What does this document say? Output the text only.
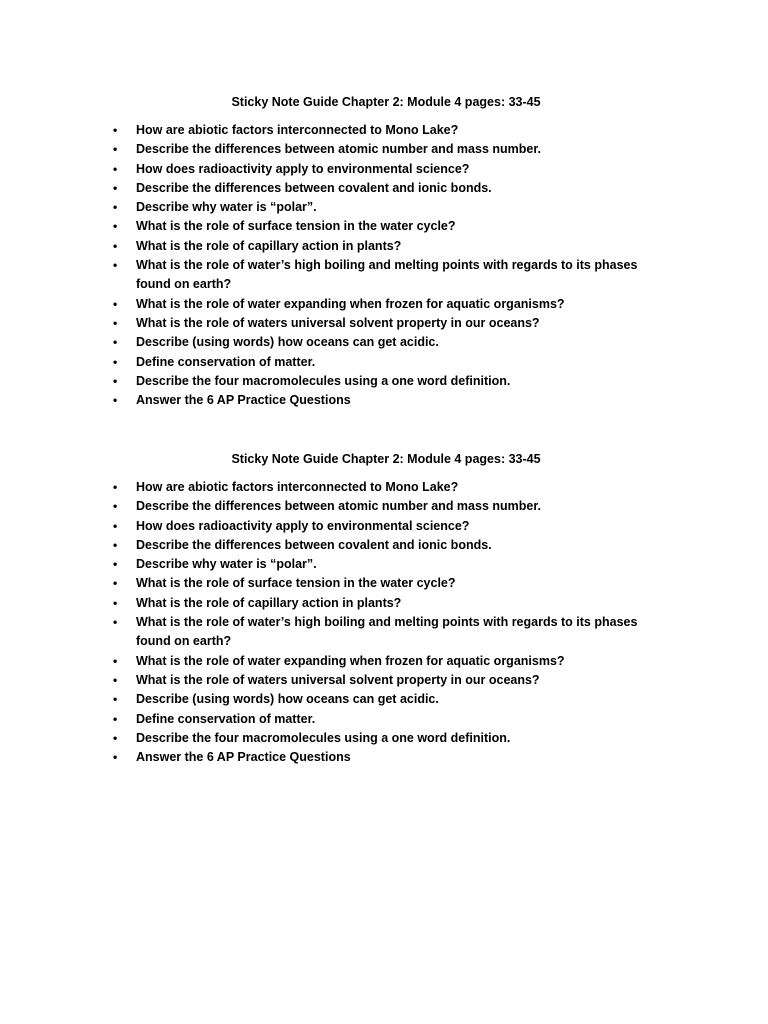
Sticky Note Guide Chapter 2: Module 4 pages: 33-45

• How are abiotic factors interconnected to Mono Lake?
• Describe the differences between atomic number and mass number.
• How does radioactivity apply to environmental science?
• Describe the differences between covalent and ionic bonds.
• Describe why water is “polar”.
• What is the role of surface tension in the water cycle?
• What is the role of capillary action in plants?
• What is the role of water’s high boiling and melting points with regards to its phases found on earth?
• What is the role of water expanding when frozen for aquatic organisms?
• What is the role of waters universal solvent property in our oceans?
• Describe (using words) how oceans can get acidic.
• Define conservation of matter.
• Describe the four macromolecules using a one word definition.
• Answer the 6 AP Practice Questions

Sticky Note Guide Chapter 2: Module 4 pages: 33-45

• How are abiotic factors interconnected to Mono Lake?
• Describe the differences between atomic number and mass number.
• How does radioactivity apply to environmental science?
• Describe the differences between covalent and ionic bonds.
• Describe why water is “polar”.
• What is the role of surface tension in the water cycle?
• What is the role of capillary action in plants?
• What is the role of water’s high boiling and melting points with regards to its phases found on earth?
• What is the role of water expanding when frozen for aquatic organisms?
• What is the role of waters universal solvent property in our oceans?
• Describe (using words) how oceans can get acidic.
• Define conservation of matter.
• Describe the four macromolecules using a one word definition.
• Answer the 6 AP Practice Questions
